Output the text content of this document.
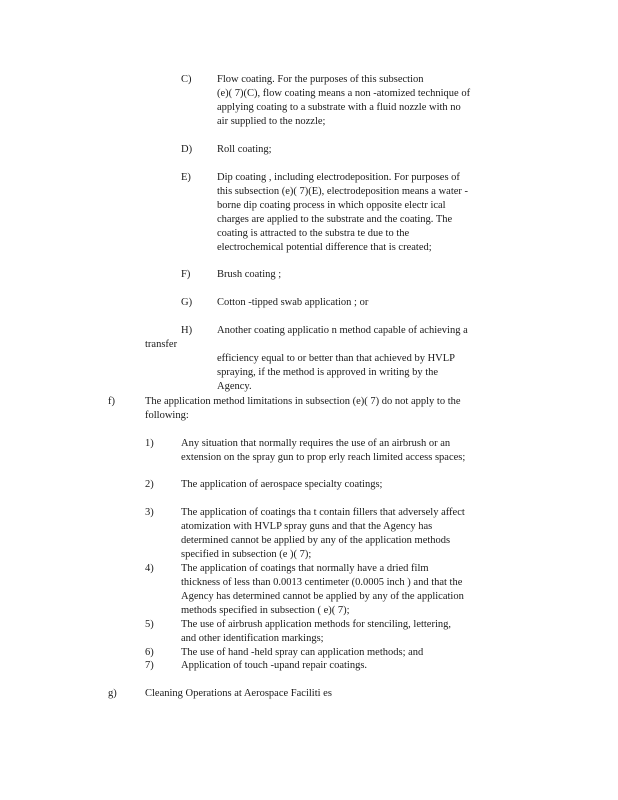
C) Flow coating. For the purposes of this subsection
(e)( 7)(C), flow coating means a non -atomized technique of
applying coating to a substrate with a fluid nozzle with no
air supplied to the nozzle;
D) Roll coating;
E) Dip coating , including electrodeposition. For purposes of
this subsection (e)( 7)(E), electrodeposition means a water -
borne dip coating process in which opposite electr ical
charges are applied to the substrate and the coating. The
coating is attracted to the substra te due to the
electrochemical potential difference that is created;
F)	Brush coating ;
G) Cotton -tipped swab application ; or
H) Another coating applicatio n method capable of achieving a
transfer
efficiency equal to or better than that achieved by HVLP
spraying, if the method is approved in writing by the
Agency.
f)	The application method limitations in subsection (e)( 7) do not apply to the
following:
1)	Any situation that normally requires the use of an airbrush or an
extension on the spray gun to prop erly reach limited access spaces;
2)	The application of aerospace specialty coatings;
3)	The application of coatings tha t contain fillers that adversely affect
atomization with HVLP spray guns and that the Agency has
determined cannot be applied by any of the application methods
specified in subsection (e )( 7);
4)	The application of coatings that normally have a dried film
thickness of less than 0.0013 centimeter (0.0005 inch ) and that the
Agency has determined cannot be applied by any of the application
methods specified in subsection ( e)( 7);
5)	The use of airbrush application methods for stenciling, lettering,
and other identification markings;
6)	The use of hand -held spray can application methods; and
7)	Application of touch -upand repair coatings.
g)	Cleaning Operations at Aerospace Faciliti es
